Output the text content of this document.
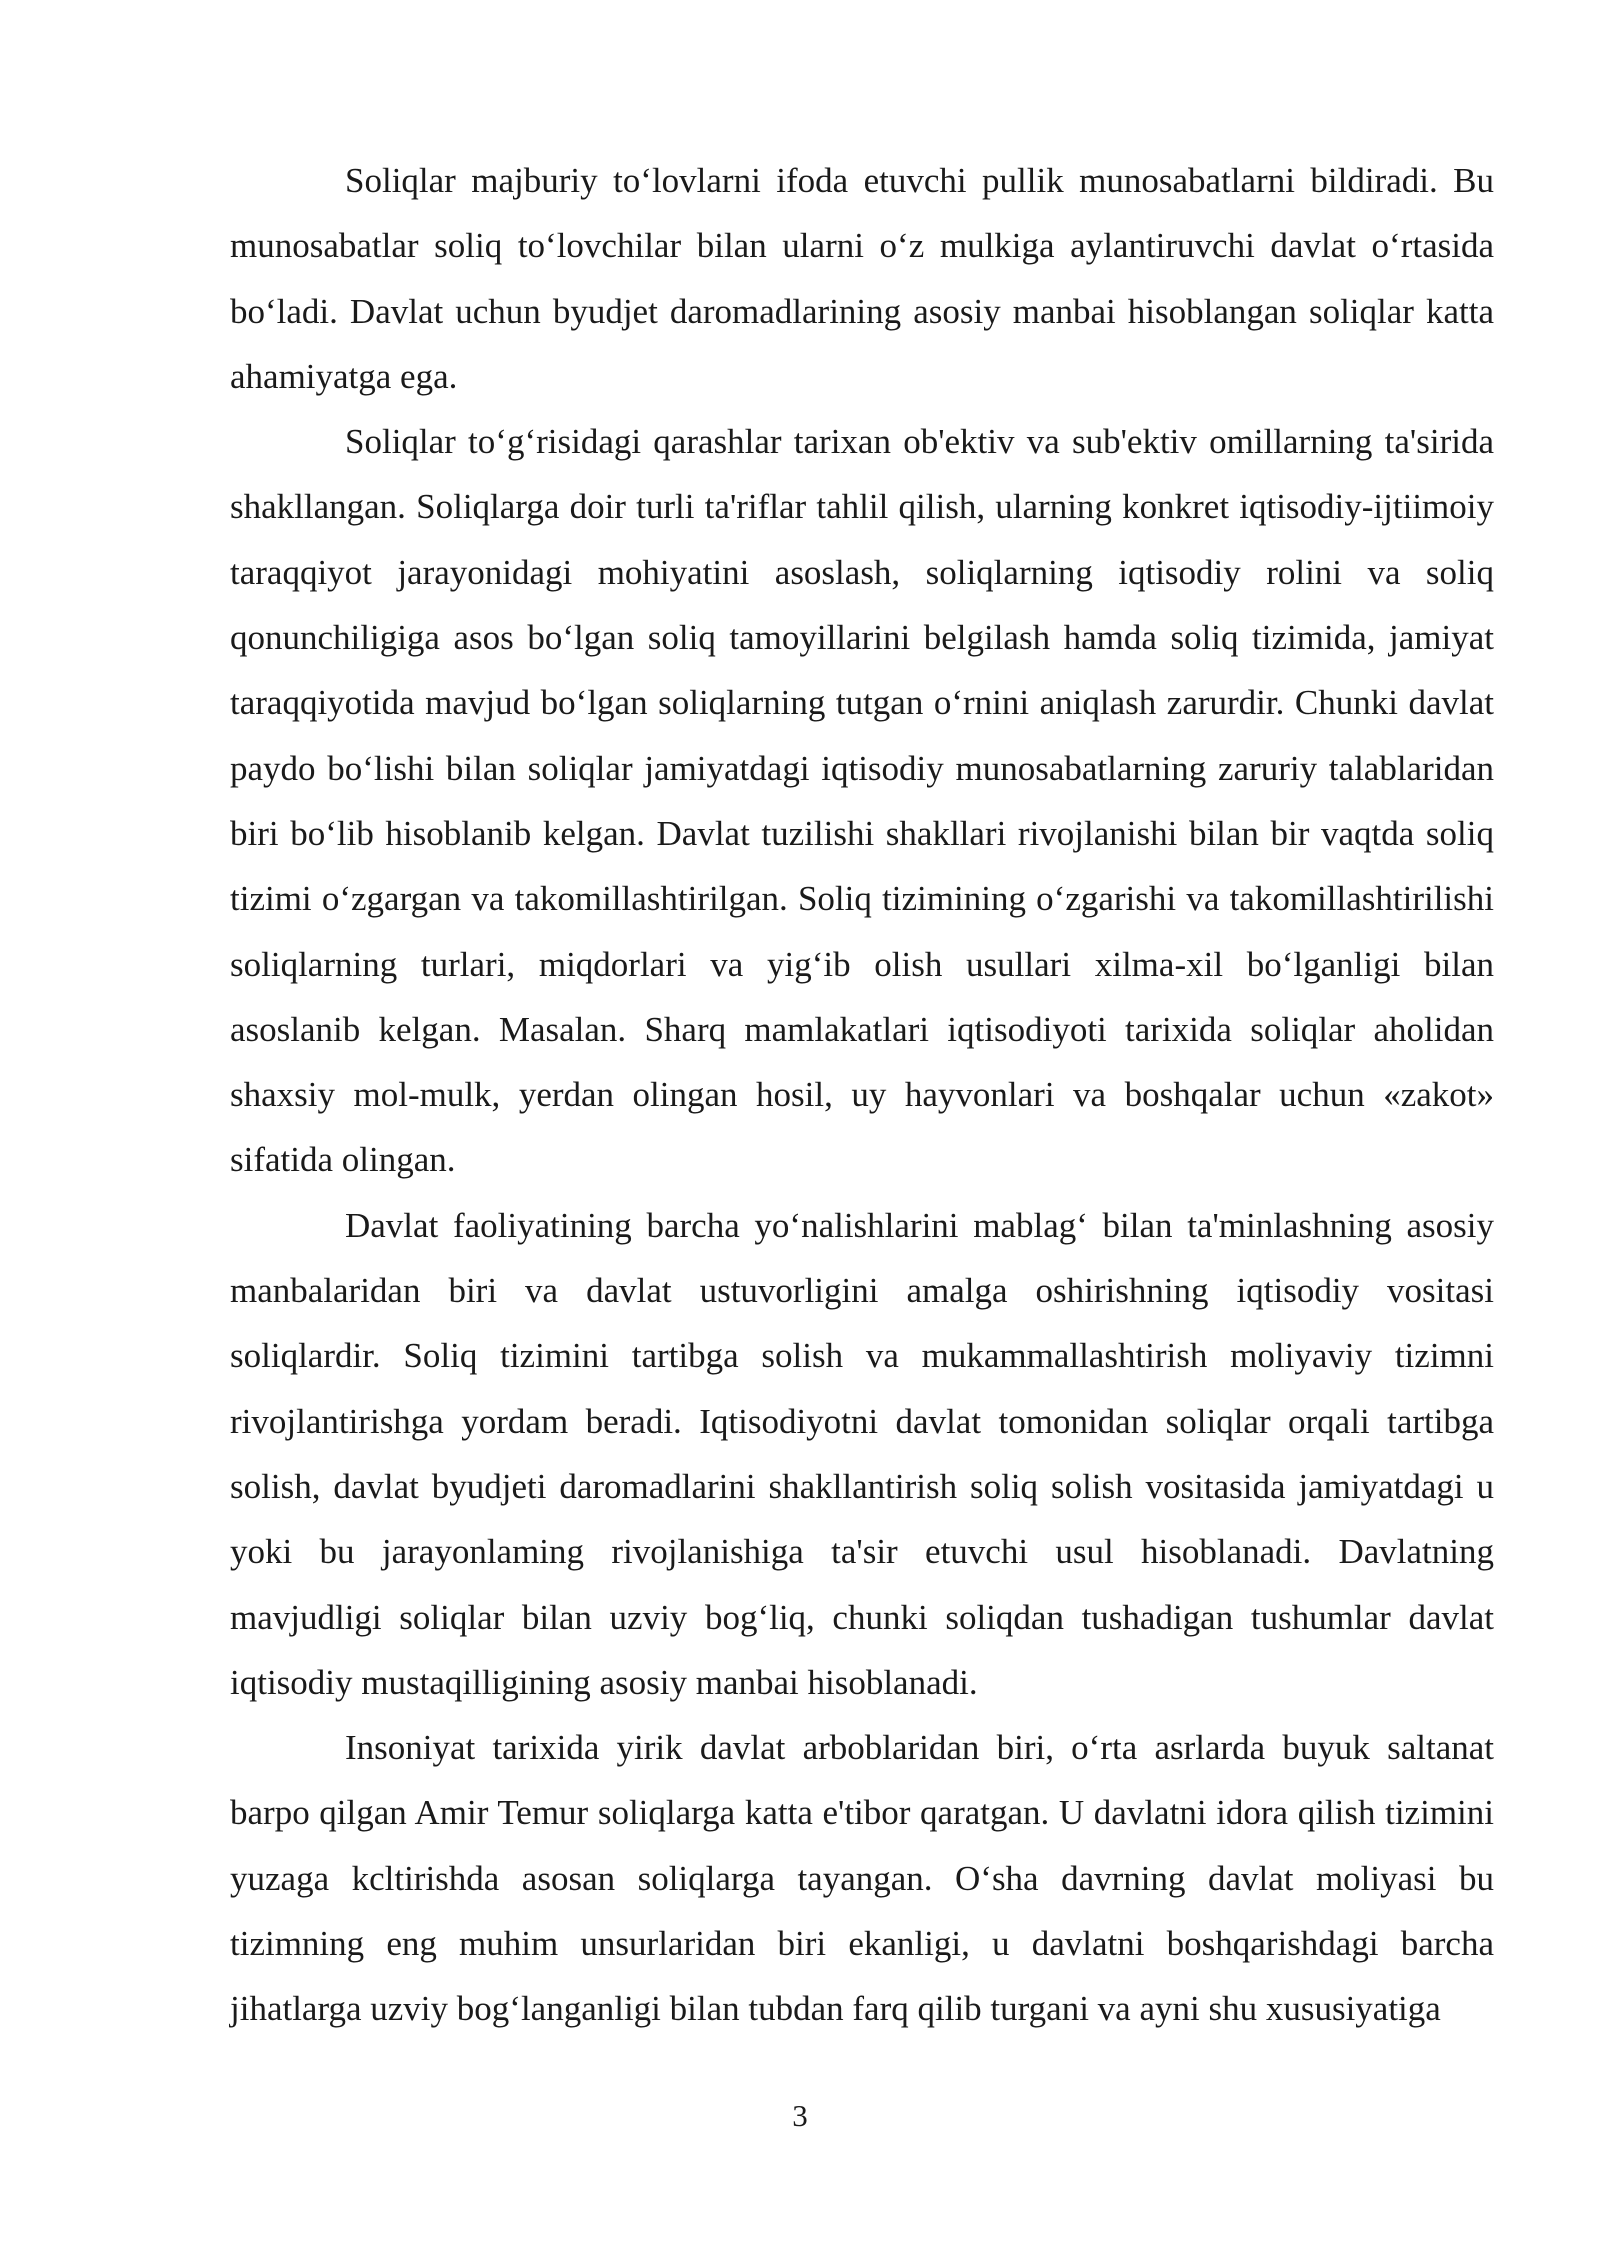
Soliqlar majburiy to‘lovlarni ifoda etuvchi pullik munosabatlarni bildiradi. Bu munosabatlar soliq to‘lovchilar bilan ularni o‘z mulkiga aylantiruvchi davlat o‘rtasida bo‘ladi. Davlat uchun byudjet daromadlarining asosiy manbai hisoblangan soliqlar katta ahamiyatga ega.

Soliqlar to‘g‘risidagi qarashlar tarixan ob'ektiv va sub'ektiv omillarning ta'sirida shakllangan. Soliqlarga doir turli ta'riflar tahlil qilish, ularning konkret iqtisodiy-ijtiimoiy taraqqiyot jarayonidagi mohiyatini asoslash, soliqlarning iqtisodiy rolini va soliq qonunchiligiga asos bo‘lgan soliq tamoyillarini belgilash hamda soliq tizimida, jamiyat taraqqiyotida mavjud bo‘lgan soliqlarning tutgan o‘rnini aniqlash zarurdir. Chunki davlat paydo bo‘lishi bilan soliqlar jamiyatdagi iqtisodiy munosabatlarning zaruriy talablaridan biri bo‘lib hisoblanib kelgan. Davlat tuzilishi shakllari rivojlanishi bilan bir vaqtda soliq tizimi o‘zgargan va takomillashtirilgan. Soliq tizimining o‘zgarishi va takomillashtirilishi soliqlarning turlari, miqdorlari va yig‘ib olish usullari xilma-xil bo‘lganligi bilan asoslanib kelgan. Masalan. Sharq mamlakatlari iqtisodiyoti tarixida soliqlar aholidan shaxsiy mol-mulk, yerdan olingan hosil, uy hayvonlari va boshqalar uchun «zakot» sifatida olingan.

Davlat faoliyatining barcha yo‘nalishlarini mablag‘ bilan ta'minlashning asosiy manbalaridan biri va davlat ustuvorligini amalga oshirishning iqtisodiy vositasi soliqlardir. Soliq tizimini tartibga solish va mukammallashtirish moliyaviy tizimni rivojlantirishga yordam beradi. Iqtisodiyotni davlat tomonidan soliqlar orqali tartibga solish, davlat byudjeti daromadlarini shakllantirish soliq solish vositasida jamiyatdagi u yoki bu jarayonlaming rivojlanishiga ta'sir etuvchi usul hisoblanadi. Davlatning mavjudligi soliqlar bilan uzviy bog‘liq, chunki soliqdan tushadigan tushumlar davlat iqtisodiy mustaqilligining asosiy manbai hisoblanadi.

Insoniyat tarixida yirik davlat arboblaridan biri, o‘rta asrlarda buyuk saltanat barpo qilgan Amir Temur soliqlarga katta e'tibor qaratgan. U davlatni idora qilish tizimini yuzaga kcltirishda asosan soliqlarga tayangan. O‘sha davrning davlat moliyasi bu tizimning eng muhim unsurlaridan biri ekanligi, u davlatni boshqarishdagi barcha jihatlarga uzviy bog‘langanligi bilan tubdan farq qilib turgani va ayni shu xususiyatiga

3
